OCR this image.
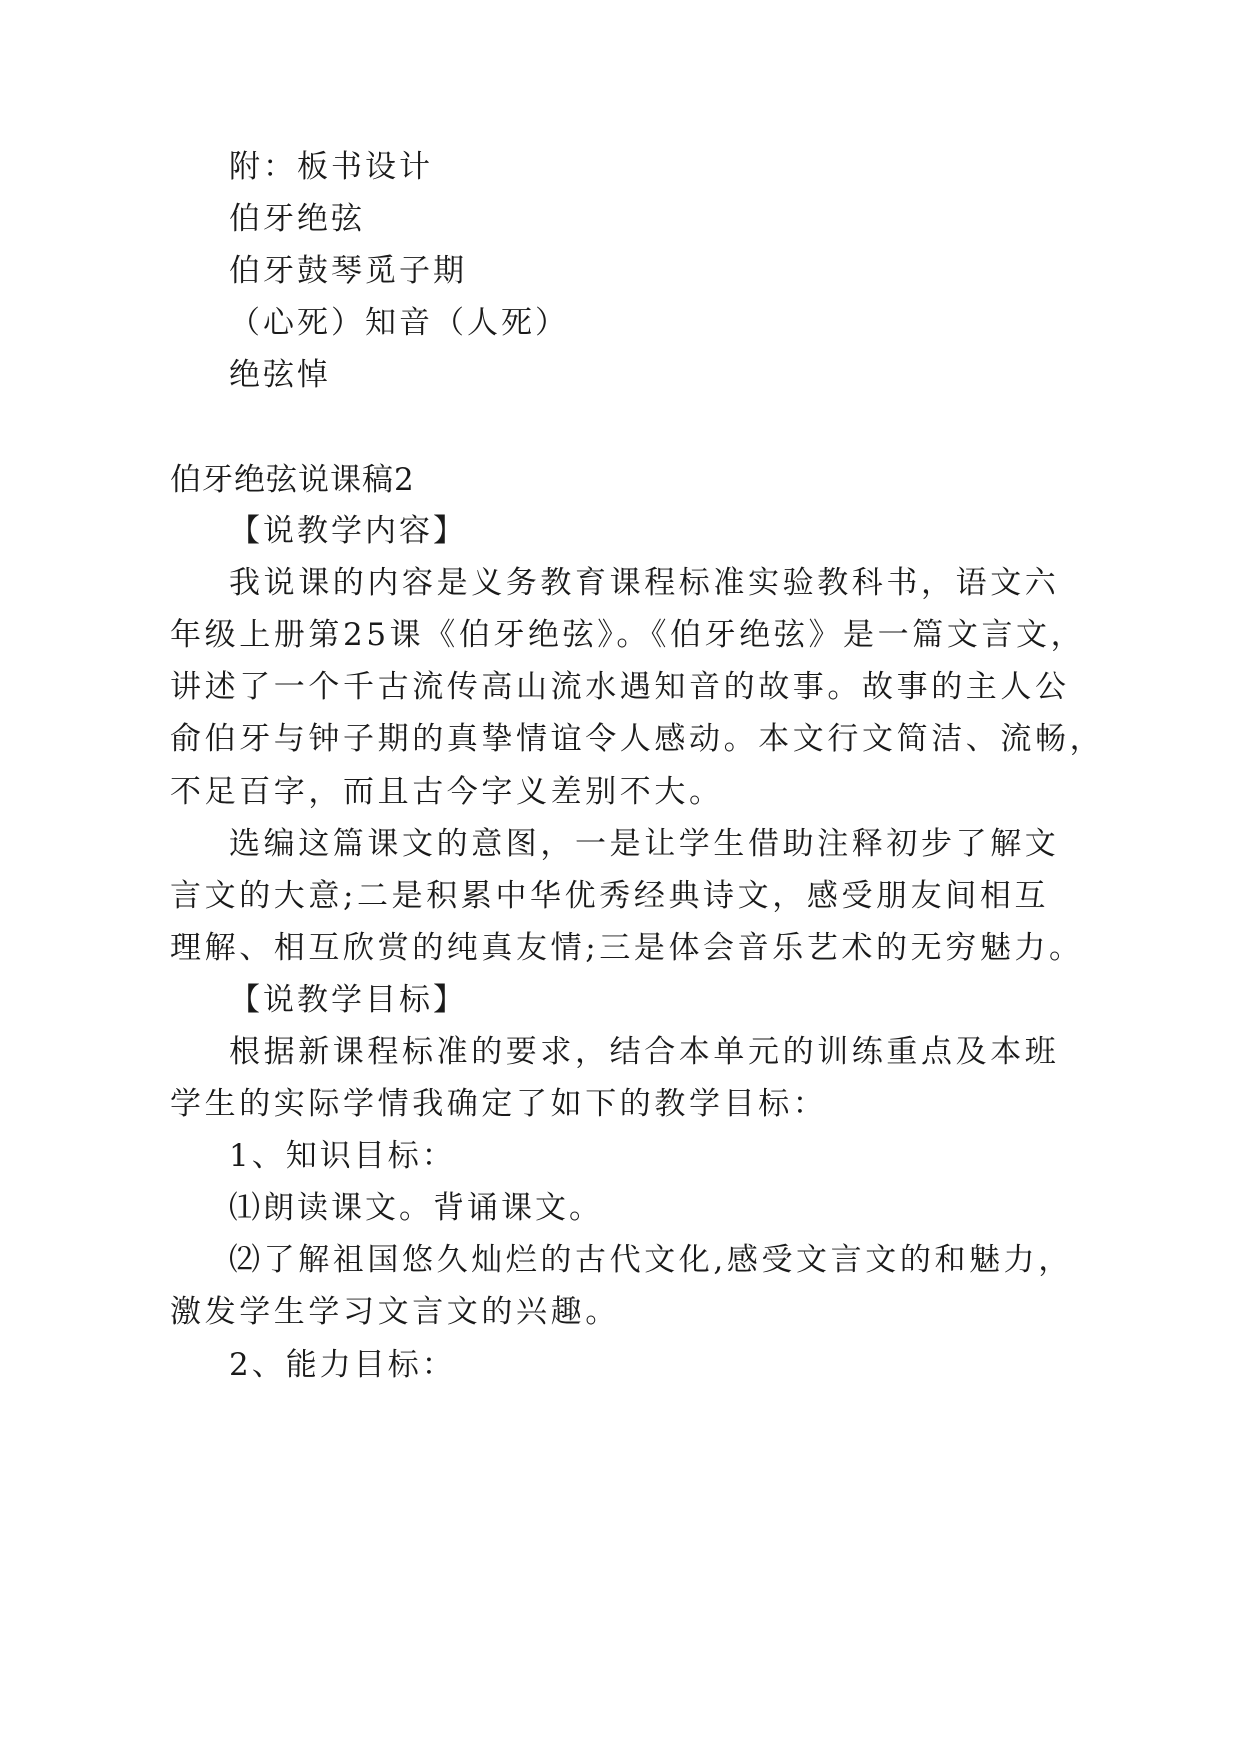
附：板书设计

伯牙绝弦

伯牙鼓琴觅子期

（心死）知音（人死）

绝弦悼

伯牙绝弦说课稿2

【说教学内容】

我说课的内容是义务教育课程标准实验教科书，语文六

年级上册第25课《伯牙绝弦》。《伯牙绝弦》是一篇文言文，

讲述了一个千古流传高山流水遇知音的故事。故事的主人公

俞伯牙与钟子期的真挚情谊令人感动。本文行文简洁、流畅，

不足百字，而且古今字义差别不大。

选编这篇课文的意图，一是让学生借助注释初步了解文

言文的大意;二是积累中华优秀经典诗文，感受朋友间相互

理解、相互欣赏的纯真友情;三是体会音乐艺术的无穷魅力。

【说教学目标】

根据新课程标准的要求，结合本单元的训练重点及本班

学生的实际学情我确定了如下的教学目标：

1、知识目标：

⑴朗读课文。背诵课文。

⑵了解祖国悠久灿烂的古代文化,感受文言文的和魅力，

激发学生学习文言文的兴趣。

2、能力目标：
